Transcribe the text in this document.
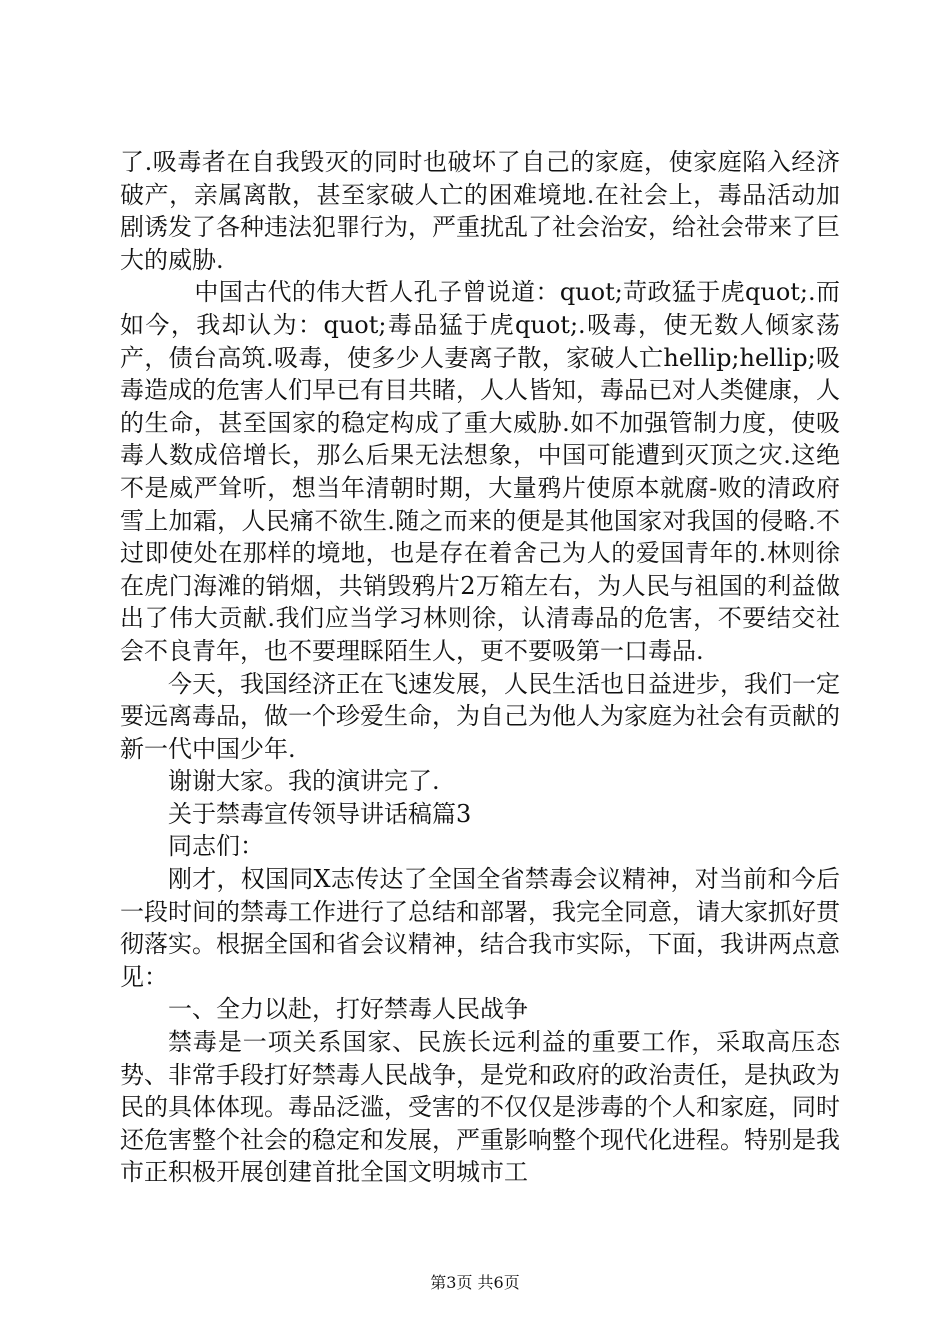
了.吸毒者在自我毁灭的同时也破坏了自己的家庭，使家庭陷入经济破产，亲属离散，甚至家破人亡的困难境地.在社会上，毒品活动加剧诱发了各种违法犯罪行为，严重扰乱了社会治安，给社会带来了巨大的威胁.

中国古代的伟大哲人孔子曾说道：quot;苛政猛于虎quot;.而如今，我却认为：quot;毒品猛于虎quot;.吸毒，使无数人倾家荡产，债台高筑.吸毒，使多少人妻离子散，家破人亡hellip;hellip;吸毒造成的危害人们早已有目共睹，人人皆知，毒品已对人类健康，人的生命，甚至国家的稳定构成了重大威胁.如不加强管制力度，使吸毒人数成倍增长，那么后果无法想象，中国可能遭到灭顶之灾.这绝不是威严耸听，想当年清朝时期，大量鸦片使原本就腐-败的清政府雪上加霜，人民痛不欲生.随之而来的便是其他国家对我国的侵略.不过即使处在那样的境地，也是存在着舍己为人的爱国青年的.林则徐在虎门海滩的销烟，共销毁鸦片2万箱左右，为人民与祖国的利益做出了伟大贡献.我们应当学习林则徐，认清毒品的危害，不要结交社会不良青年，也不要理睬陌生人，更不要吸第一口毒品.

今天，我国经济正在飞速发展，人民生活也日益进步，我们一定要远离毒品，做一个珍爱生命，为自己为他人为家庭为社会有贡献的新一代中国少年.

谢谢大家。我的演讲完了.

关于禁毒宣传领导讲话稿篇3

同志们：

刚才，权国同X志传达了全国全省禁毒会议精神，对当前和今后一段时间的禁毒工作进行了总结和部署，我完全同意，请大家抓好贯彻落实。根据全国和省会议精神，结合我市实际，下面，我讲两点意见：

一、全力以赴，打好禁毒人民战争

禁毒是一项关系国家、民族长远利益的重要工作，采取高压态势、非常手段打好禁毒人民战争，是党和政府的政治责任，是执政为民的具体体现。毒品泛滥，受害的不仅仅是涉毒的个人和家庭，同时还危害整个社会的稳定和发展，严重影响整个现代化进程。特别是我市正积极开展创建首批全国文明城市工

第3页 共6页
